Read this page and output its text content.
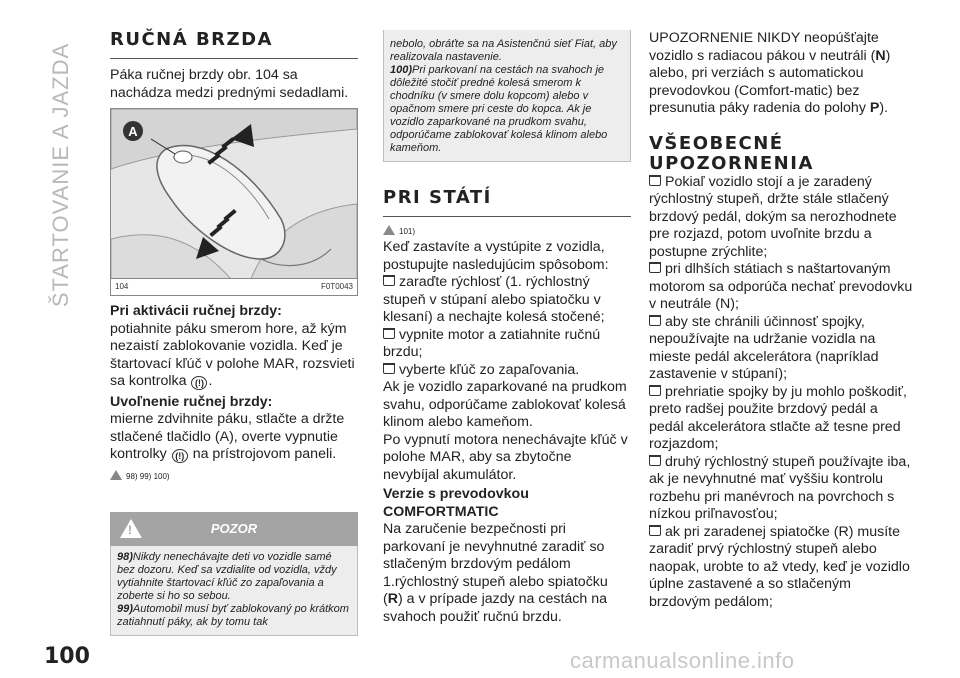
ŠTARTOVANIE A JAZDA
RUČNÁ BRZDA

Páka ručnej brzdy obr. 104 sa nachádza medzi prednými sedadlami.

A
104	F0T0043
Pri aktivácii ručnej brzdy:

potiahnite páku smerom hore, až kým nezaistí zablokovanie vozidla. Keď je štartovací kľúč v polohe MAR, rozsvieti sa kontrolka (!) .

Uvoľnenie ručnej brzdy:

mierne zdvihnite páku, stlačte a držte stlačené tlačidlo (A), overte vypnutie kontrolky (!) na prístrojovom paneli.

98) 99) 100)
!
POZOR

98)Nikdy nenechávajte deti vo vozidle samé bez dozoru. Keď sa vzdialite od vozidla, vždy vytiahnite štartovací kľúč zo zapaľovania a zoberte si ho so sebou.

99)Automobil musí byť zablokovaný po krátkom zatiahnutí páky, ak by tomu tak

nebolo, obráťte sa na Asistenčnú sieť Fiat, aby realizovala nastavenie.

100)Pri parkovaní na cestách na svahoch je dôležité stočiť predné kolesá smerom k chodníku (v smere dolu kopcom) alebo v opačnom smere pri ceste do kopca. Ak je vozidlo zaparkované na prudkom svahu, odporúčame zablokovať kolesá klinom alebo kameňom.

PRI STÁTÍ
101)

Keď zastavíte a vystúpite z vozidla, postupujte nasledujúcim spôsobom:

zaraďte rýchlosť (1. rýchlostný stupeň v stúpaní alebo spiatočku v klesaní) a nechajte kolesá stočené;

vypnite motor a zatiahnite ručnú brzdu;

vyberte kľúč zo zapaľovania.

Ak je vozidlo zaparkované na prudkom svahu, odporúčame zablokovať kolesá klinom alebo kameňom.

Po vypnutí motora nenechávajte kľúč v polohe MAR, aby sa zbytočne nevybíjal akumulátor.

Verzie s prevodovkou COMFORTMATIC

Na zaručenie bezpečnosti pri parkovaní je nevyhnutné zaradiť so stlačeným brzdovým pedálom 1.rýchlostný stupeň alebo spiatočku (R) a v prípade jazdy na cestách na svahoch použiť ručnú brzdu.

UPOZORNENIE NIKDY neopúšťajte vozidlo s radiacou pákou v neutráli (N) alebo, pri verziách s automatickou prevodovkou (Comfort-matic) bez presunutia páky radenia do polohy P).

VŠEOBECNÉ UPOZORNENIA

Pokiaľ vozidlo stojí a je zaradený rýchlostný stupeň, držte stále stlačený brzdový pedál, dokým sa nerozhodnete pre rozjazd, potom uvoľnite brzdu a postupne zrýchlite;

pri dlhších státiach s naštartovaným motorom sa odporúča nechať prevodovku v neutrále (N);

aby ste chránili účinnosť spojky, nepoužívajte na udržanie vozidla na mieste pedál akcelerátora (napríklad zastavenie v stúpaní);

prehriatie spojky by ju mohlo poškodiť, preto radšej použite brzdový pedál a pedál akcelerátora stlačte až tesne pred rozjazdom;

druhý rýchlostný stupeň používajte iba, ak je nevyhnutné mať vyššiu kontrolu rozbehu pri manévroch na povrchoch s nízkou priľnavosťou;

ak pri zaradenej spiatočke (R) musíte zaradiť prvý rýchlostný stupeň alebo naopak, urobte to až vtedy, keď je vozidlo úplne zastavené a so stlačeným brzdovým pedálom;

100	carmanualsonline.info
